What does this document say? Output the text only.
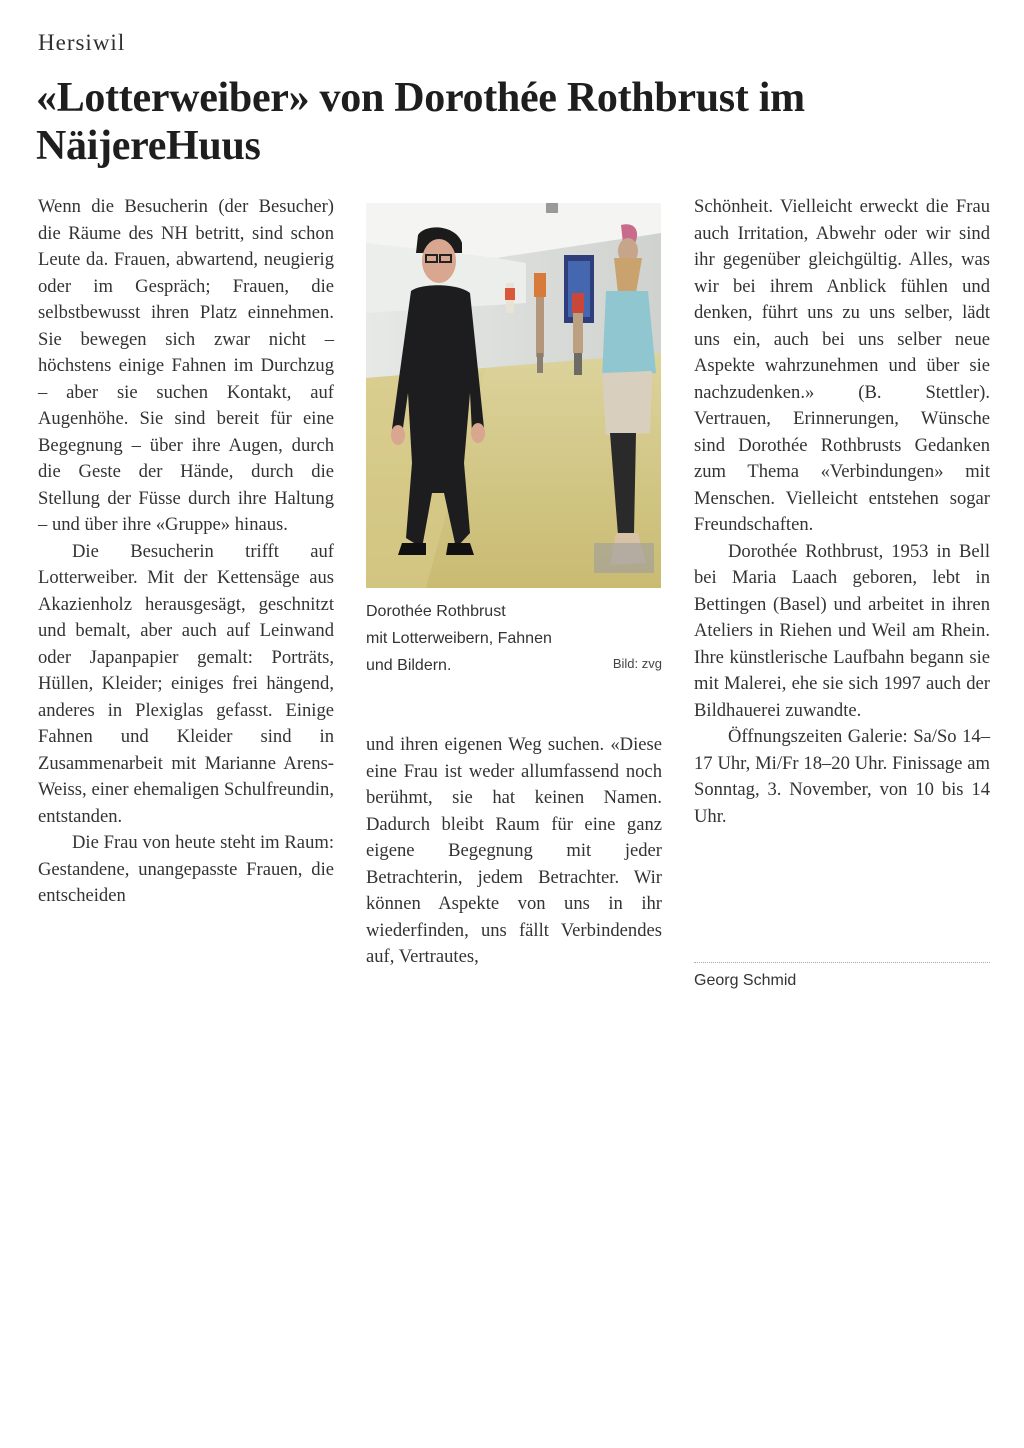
Hersiwil
«Lotterweiber» von Dorothée Rothbrust im NäijereHuus

Wenn die Besucherin (der Besucher) die Räume des NH betritt, sind schon Leute da. Frauen, abwartend, neugierig oder im Gespräch; Frauen, die selbstbewusst ihren Platz einnehmen. Sie bewegen sich zwar nicht – höchstens einige Fahnen im Durchzug – aber sie suchen Kontakt, auf Augenhöhe. Sie sind bereit für eine Begegnung – über ihre Augen, durch die Geste der Hände, durch die Stellung der Füsse durch ihre Haltung – und über ihre «Gruppe» hinaus.

Die Besucherin trifft auf Lotterweiber. Mit der Kettensäge aus Akazienholz herausgesägt, geschnitzt und bemalt, aber auch auf Leinwand oder Japanpapier gemalt: Porträts, Hüllen, Kleider; einiges frei hängend, anderes in Plexiglas gefasst. Einige Fahnen und Kleider sind in Zusammenarbeit mit Marianne Arens-Weiss, einer ehemaligen Schulfreundin, entstanden.

Die Frau von heute steht im Raum: Gestandene, unangepasste Frauen, die entscheiden

Dorothée Rothbrust
mit Lotterweibern, Fahnen
und Bildern.	Bild: zvg

und ihren eigenen Weg suchen. «Diese eine Frau ist weder allumfassend noch berühmt, sie hat keinen Namen. Dadurch bleibt Raum für eine ganz eigene Begegnung mit jeder Betrachterin, jedem Betrachter. Wir können Aspekte von uns in ihr wiederfinden, uns fällt Verbindendes auf, Vertrautes,

Schönheit. Vielleicht erweckt die Frau auch Irritation, Abwehr oder wir sind ihr gegenüber gleichgültig. Alles, was wir bei ihrem Anblick fühlen und denken, führt uns zu uns selber, lädt uns ein, auch bei uns selber neue Aspekte wahrzunehmen und über sie nachzudenken.» (B. Stettler). Vertrauen, Erinnerungen, Wünsche sind Dorothée Rothbrusts Gedanken zum Thema «Verbindungen» mit Menschen. Vielleicht entstehen sogar Freundschaften.

Dorothée Rothbrust, 1953 in Bell bei Maria Laach geboren, lebt in Bettingen (Basel) und arbeitet in ihren Ateliers in Riehen und Weil am Rhein. Ihre künstlerische Laufbahn begann sie mit Malerei, ehe sie sich 1997 auch der Bildhauerei zuwandte.

Öffnungszeiten Galerie: Sa/So 14–17 Uhr, Mi/Fr 18–20 Uhr. Finissage am Sonntag, 3. November, von 10 bis 14 Uhr.

Georg Schmid
